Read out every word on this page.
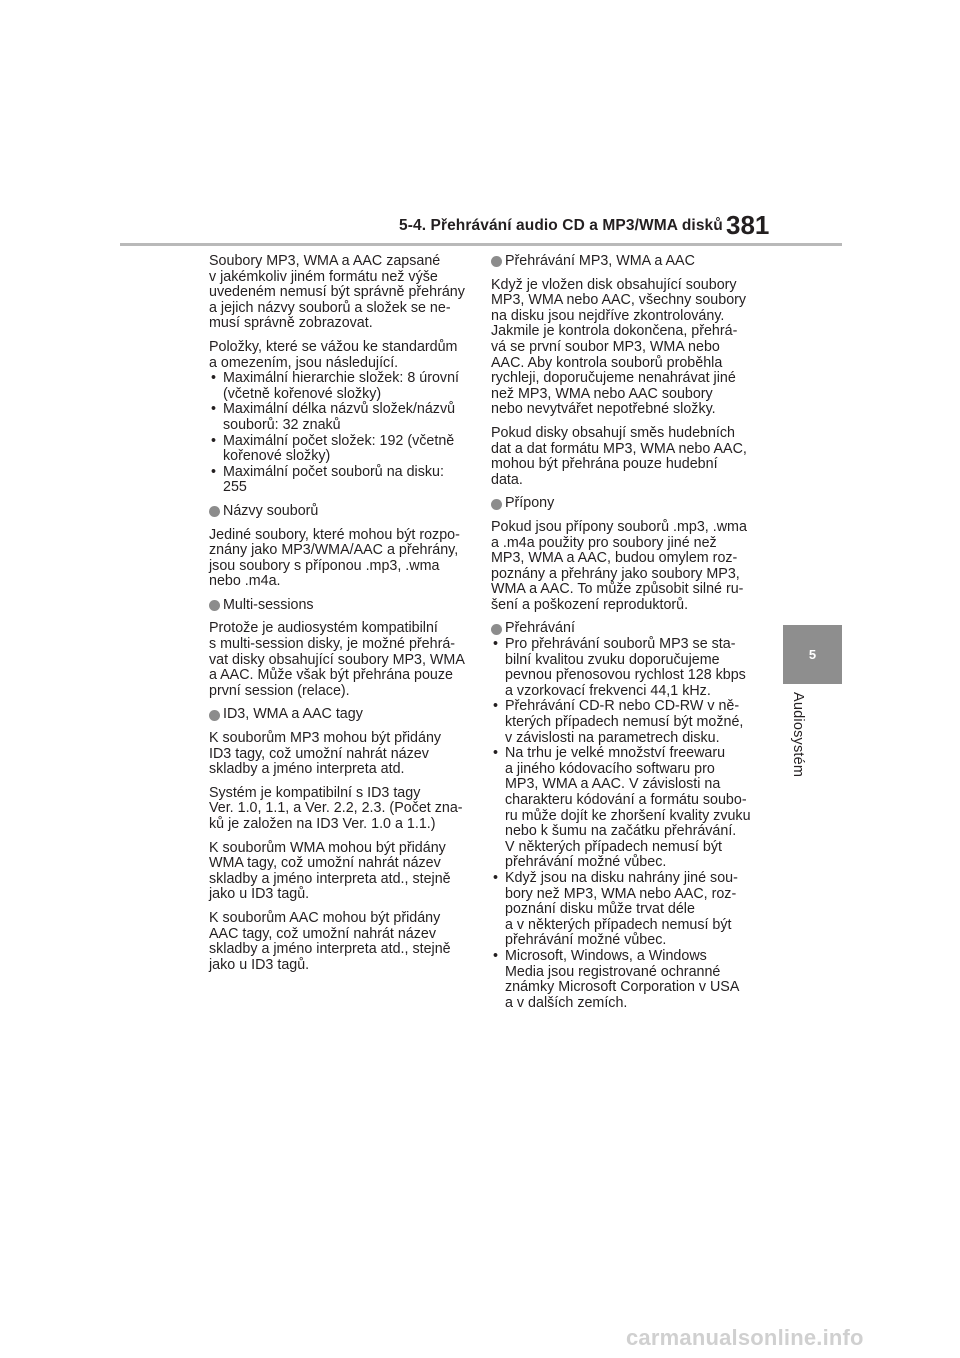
5-4. Přehrávání audio CD a MP3/WMA disků 381
5
Audiosystém

Soubory MP3, WMA a AAC zapsané
v jakémkoliv jiném formátu než výše
uvedeném nemusí být správně přehrány
a jejich názvy souborů a složek se ne-
musí správně zobrazovat.

Položky, které se vážou ke standardům
a omezením, jsou následující.

• Maximální hierarchie složek: 8 úrovní
(včetně kořenové složky)
• Maximální délka názvů složek/názvů
souborů: 32 znaků
• Maximální počet složek: 192 (včetně
kořenové složky)
• Maximální počet souborů na disku:
255
Názvy souborů

Jediné soubory, které mohou být rozpo-
znány jako MP3/WMA/AAC a přehrány,
jsou soubory s příponou .mp3, .wma
nebo .m4a.

Multi-sessions

Protože je audiosystém kompatibilní
s multi-session disky, je možné přehrá-
vat disky obsahující soubory MP3, WMA
a AAC. Může však být přehrána pouze
první session (relace).

ID3, WMA a AAC tagy

K souborům MP3 mohou být přidány
ID3 tagy, což umožní nahrát název
skladby a jméno interpreta atd.

Systém je kompatibilní s ID3 tagy
Ver. 1.0, 1.1, a Ver. 2.2, 2.3. (Počet zna-
ků je založen na ID3 Ver. 1.0 a 1.1.)

K souborům WMA mohou být přidány
WMA tagy, což umožní nahrát název
skladby a jméno interpreta atd., stejně
jako u ID3 tagů.

K souborům AAC mohou být přidány
AAC tagy, což umožní nahrát název
skladby a jméno interpreta atd., stejně
jako u ID3 tagů.

Přehrávání MP3, WMA a AAC

Když je vložen disk obsahující soubory
MP3, WMA nebo AAC, všechny soubory
na disku jsou nejdříve zkontrolovány.
Jakmile je kontrola dokončena, přehrá-
vá se první soubor MP3, WMA nebo
AAC. Aby kontrola souborů proběhla
rychleji, doporučujeme nenahrávat jiné
než MP3, WMA nebo AAC soubory
nebo nevytvářet nepotřebné složky.

Pokud disky obsahují směs hudebních
dat a dat formátu MP3, WMA nebo AAC,
mohou být přehrána pouze hudební
data.

Přípony

Pokud jsou přípony souborů .mp3, .wma
a .m4a použity pro soubory jiné než
MP3, WMA a AAC, budou omylem roz-
poznány a přehrány jako soubory MP3,
WMA a AAC. To může způsobit silné ru-
šení a poškození reproduktorů.

Přehrávání
• Pro přehrávání souborů MP3 se sta-
bilní kvalitou zvuku doporučujeme
pevnou přenosovou rychlost 128 kbps
a vzorkovací frekvenci 44,1 kHz.
• Přehrávání CD-R nebo CD-RW v ně-
kterých případech nemusí být možné,
v závislosti na parametrech disku.
• Na trhu je velké množství freewaru
a jiného kódovacího softwaru pro
MP3, WMA a AAC. V závislosti na
charakteru kódování a formátu soubo-
ru může dojít ke zhoršení kvality zvuku
nebo k šumu na začátku přehrávání.
V některých případech nemusí být
přehrávání možné vůbec.
• Když jsou na disku nahrány jiné sou-
bory než MP3, WMA nebo AAC, roz-
poznání disku může trvat déle
a v některých případech nemusí být
přehrávání možné vůbec.
• Microsoft, Windows, a Windows
Media jsou registrované ochranné
známky Microsoft Corporation v USA
a v dalších zemích.
carmanualsonline.info
